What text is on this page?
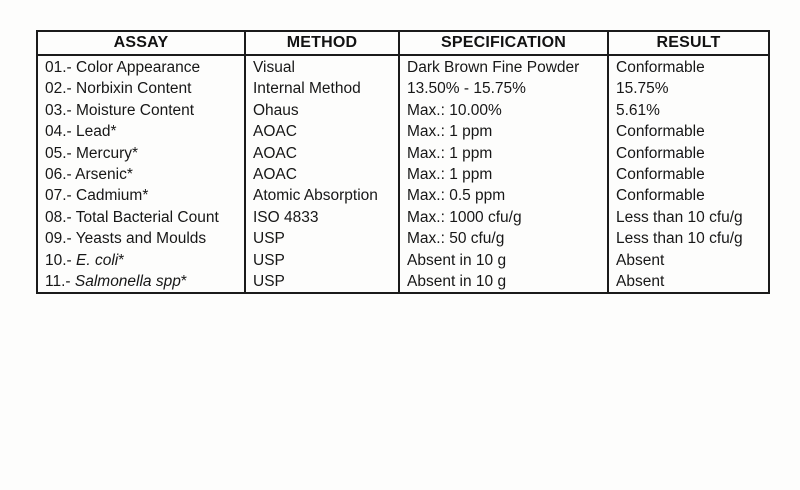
ASSAY	METHOD	SPECIFICATION	RESULT
01.- Color Appearance	Visual	Dark Brown Fine Powder	Conformable
02.- Norbixin Content	Internal Method	13.50% - 15.75%	15.75%
03.- Moisture Content	Ohaus	Max.: 10.00%	5.61%
04.- Lead*	AOAC	Max.: 1 ppm	Conformable
05.- Mercury*	AOAC	Max.: 1 ppm	Conformable
06.- Arsenic*	AOAC	Max.: 1 ppm	Conformable
07.- Cadmium*	Atomic Absorption	Max.: 0.5 ppm	Conformable
08.- Total Bacterial Count	ISO 4833	Max.: 1000 cfu/g	Less than 10 cfu/g
09.- Yeasts and Moulds	USP	Max.: 50 cfu/g	Less than 10 cfu/g
10.- E. coli*	USP	Absent in 10 g	Absent
11.- Salmonella spp*	USP	Absent in 10 g	Absent
